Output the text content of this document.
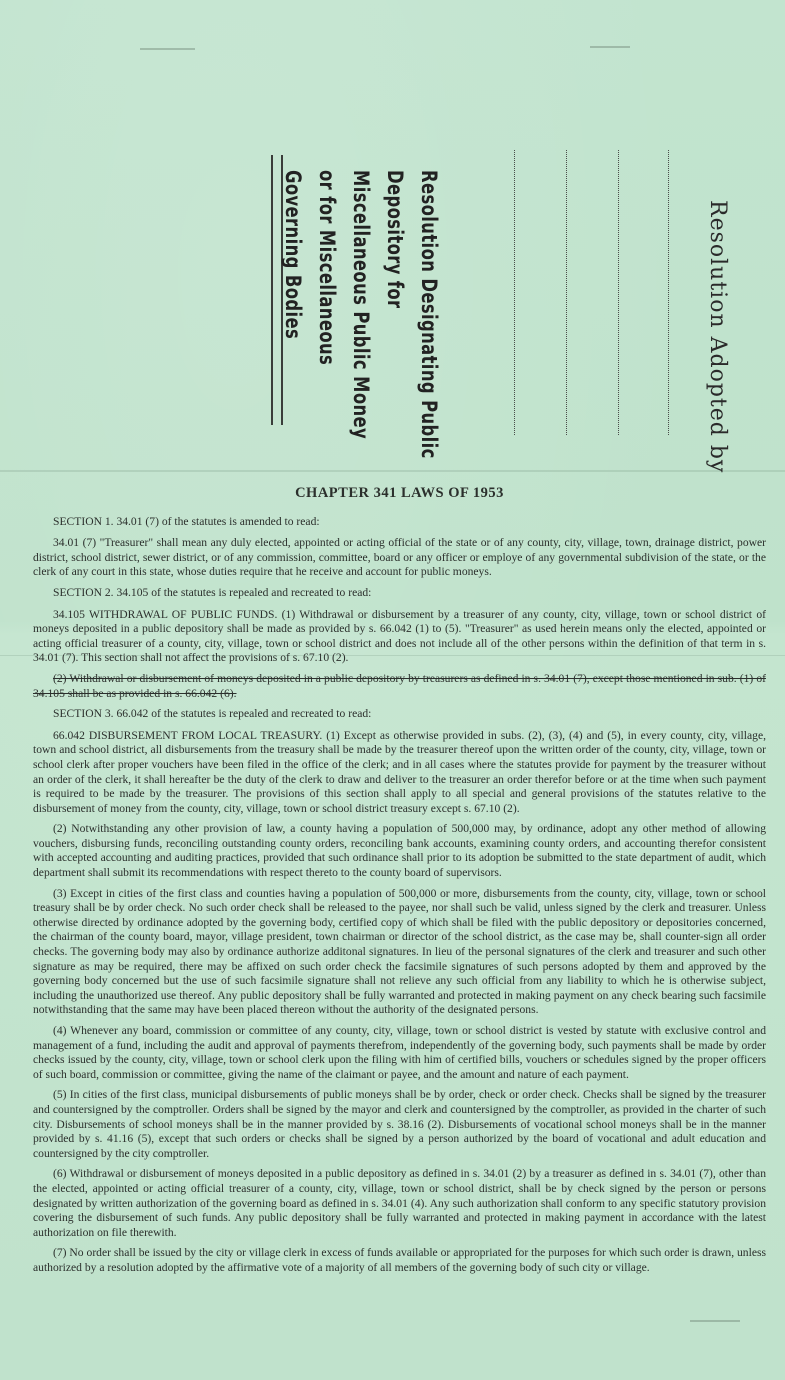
Resolution Designating Public
Depository for
Miscellaneous Public Money
or for Miscellaneous
Governing Bodies	Resolution Adopted by
CHAPTER 341 LAWS OF 1953

SECTION 1. 34.01 (7) of the statutes is amended to read:

34.01 (7) "Treasurer" shall mean any duly elected, appointed or acting official of the state or of any county, city, village, town, drainage district, power district, school district, sewer district, or of any commission, committee, board or any officer or employe of any governmental subdivision of the state, or the clerk of any court in this state, whose duties require that he receive and account for public moneys.

SECTION 2. 34.105 of the statutes is repealed and recreated to read:

34.105 WITHDRAWAL OF PUBLIC FUNDS. (1) Withdrawal or disbursement by a treasurer of any county, city, village, town or school district of moneys deposited in a public depository shall be made as provided by s. 66.042 (1) to (5). "Treasurer" as used herein means only the elected, appointed or acting official treasurer of a county, city, village, town or school district and does not include all of the other persons within the definition of that term in s. 34.01 (7). This section shall not affect the provisions of s. 67.10 (2).

(2) Withdrawal or disbursement of moneys deposited in a public depository by treasurers as defined in s. 34.01 (7), except those mentioned in sub. (1) of 34.105 shall be as provided in s. 66.042 (6).

SECTION 3. 66.042 of the statutes is repealed and recreated to read:

66.042 DISBURSEMENT FROM LOCAL TREASURY. (1) Except as otherwise provided in subs. (2), (3), (4) and (5), in every county, city, village, town and school district, all disbursements from the treasury shall be made by the treasurer thereof upon the written order of the county, city, village, town or school clerk after proper vouchers have been filed in the office of the clerk; and in all cases where the statutes provide for payment by the treasurer without an order of the clerk, it shall hereafter be the duty of the clerk to draw and deliver to the treasurer an order therefor before or at the time when such payment is required to be made by the treasurer. The provisions of this section shall apply to all special and general provisions of the statutes relative to the disbursement of money from the county, city, village, town or school district treasury except s. 67.10 (2).

(2) Notwithstanding any other provision of law, a county having a population of 500,000 may, by ordinance, adopt any other method of allowing vouchers, disbursing funds, reconciling outstanding county orders, reconciling bank accounts, examining county orders, and accounting therefor consistent with accepted accounting and auditing practices, provided that such ordinance shall prior to its adoption be submitted to the state department of audit, which department shall submit its recommendations with respect thereto to the county board of supervisors.

(3) Except in cities of the first class and counties having a population of 500,000 or more, disbursements from the county, city, village, town or school treasury shall be by order check. No such order check shall be released to the payee, nor shall such be valid, unless signed by the clerk and treasurer. Unless otherwise directed by ordinance adopted by the governing body, certified copy of which shall be filed with the public depository or depositories concerned, the chairman of the county board, mayor, village president, town chairman or director of the school district, as the case may be, shall counter-sign all order checks. The governing body may also by ordinance authorize additonal signatures. In lieu of the personal signatures of the clerk and treasurer and such other signature as may be required, there may be affixed on such order check the facsimile signatures of such persons adopted by them and approved by the governing body concerned but the use of such facsimile signature shall not relieve any such official from any liability to which he is otherwise subject, including the unauthorized use thereof. Any public depository shall be fully warranted and protected in making payment on any check bearing such facsimile notwithstanding that the same may have been placed thereon without the authority of the designated persons.

(4) Whenever any board, commission or committee of any county, city, village, town or school district is vested by statute with exclusive control and management of a fund, including the audit and approval of payments therefrom, independently of the governing body, such payments shall be made by order checks issued by the county, city, village, town or school clerk upon the filing with him of certified bills, vouchers or schedules signed by the proper officers of such board, commission or committee, giving the name of the claimant or payee, and the amount and nature of each payment.

(5) In cities of the first class, municipal disbursements of public moneys shall be by order, check or order check. Checks shall be signed by the treasurer and countersigned by the comptroller. Orders shall be signed by the mayor and clerk and countersigned by the comptroller, as provided in the charter of such city. Disbursements of school moneys shall be in the manner provided by s. 38.16 (2). Disbursements of vocational school moneys shall be in the manner provided by s. 41.16 (5), except that such orders or checks shall be signed by a person authorized by the board of vocational and adult education and countersigned by the city comptroller.

(6) Withdrawal or disbursement of moneys deposited in a public depository as defined in s. 34.01 (2) by a treasurer as defined in s. 34.01 (7), other than the elected, appointed or acting official treasurer of a county, city, village, town or school district, shall be by check signed by the person or persons designated by written authorization of the governing board as defined in s. 34.01 (4). Any such authorization shall conform to any specific statutory provision covering the disbursement of such funds. Any public depository shall be fully warranted and protected in making payment in accordance with the latest authorization on file therewith.

(7) No order shall be issued by the city or village clerk in excess of funds available or appropriated for the purposes for which such order is drawn, unless authorized by a resolution adopted by the affirmative vote of a majority of all members of the governing body of such city or village.
